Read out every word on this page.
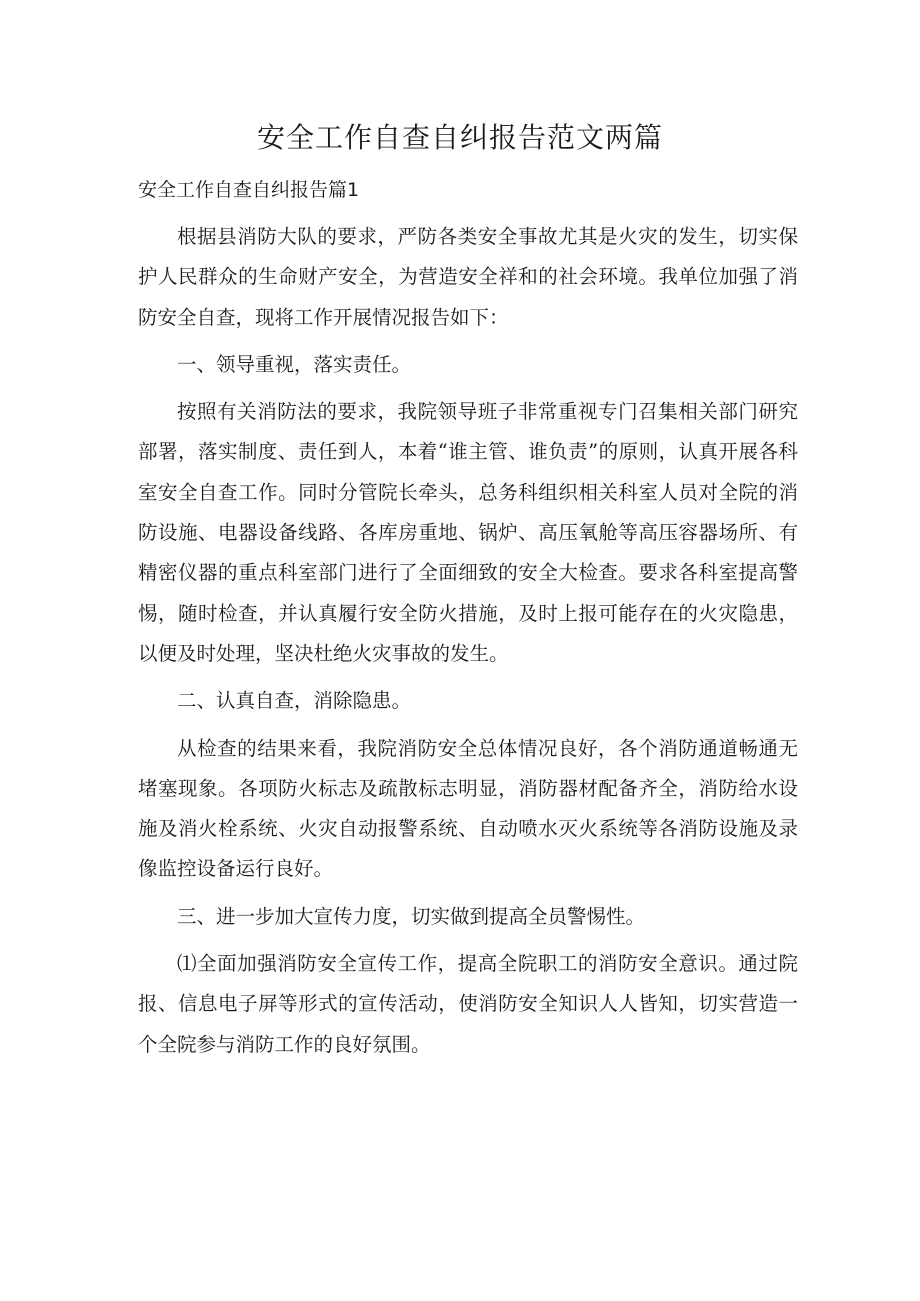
安全工作自查自纠报告范文两篇
安全工作自查自纠报告篇1

根据县消防大队的要求，严防各类安全事故尤其是火灾的发生，切实保护人民群众的生命财产安全，为营造安全祥和的社会环境。我单位加强了消防安全自查，现将工作开展情况报告如下：

一、领导重视，落实责任。

按照有关消防法的要求，我院领导班子非常重视专门召集相关部门研究部署，落实制度、责任到人，本着“谁主管、谁负责”的原则，认真开展各科室安全自查工作。同时分管院长牵头，总务科组织相关科室人员对全院的消防设施、电器设备线路、各库房重地、锅炉、高压氧舱等高压容器场所、有精密仪器的重点科室部门进行了全面细致的安全大检查。要求各科室提高警惕，随时检查，并认真履行安全防火措施，及时上报可能存在的火灾隐患，以便及时处理，坚决杜绝火灾事故的发生。

二、认真自查，消除隐患。

从检查的结果来看，我院消防安全总体情况良好，各个消防通道畅通无堵塞现象。各项防火标志及疏散标志明显，消防器材配备齐全，消防给水设施及消火栓系统、火灾自动报警系统、自动喷水灭火系统等各消防设施及录像监控设备运行良好。

三、进一步加大宣传力度，切实做到提高全员警惕性。

⑴全面加强消防安全宣传工作，提高全院职工的消防安全意识。通过院报、信息电子屏等形式的宣传活动，使消防安全知识人人皆知，切实营造一个全院参与消防工作的良好氛围。
